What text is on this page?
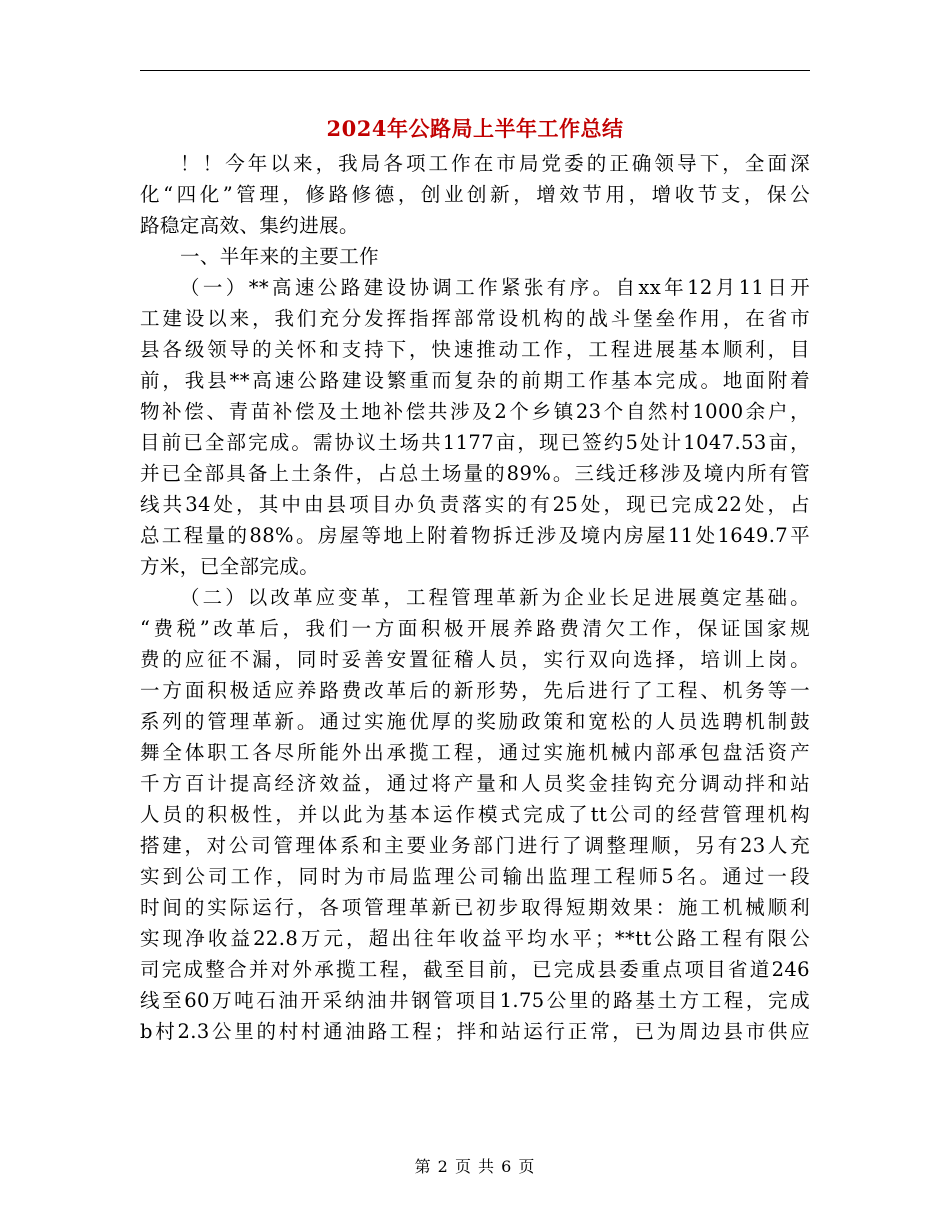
2024年公路局上半年工作总结
！！今年以来，我局各项工作在市局党委的正确领导下，全面深
化“四化”管理，修路修德，创业创新，增效节用，增收节支，保公
路稳定高效、集约进展。
一、半年来的主要工作
（一）**高速公路建设协调工作紧张有序。自xx年12月11日开
工建设以来，我们充分发挥指挥部常设机构的战斗堡垒作用，在省市
县各级领导的关怀和支持下，快速推动工作，工程进展基本顺利，目
前，我县**高速公路建设繁重而复杂的前期工作基本完成。地面附着
物补偿、青苗补偿及土地补偿共涉及2个乡镇23个自然村1000余户，
目前已全部完成。需协议土场共1177亩，现已签约5处计1047.53亩，
并已全部具备上土条件，占总土场量的89%。三线迁移涉及境内所有管
线共34处，其中由县项目办负责落实的有25处，现已完成22处，占
总工程量的88%。房屋等地上附着物拆迁涉及境内房屋11处1649.7平
方米，已全部完成。
（二）以改革应变革，工程管理革新为企业长足进展奠定基础。
“费税”改革后，我们一方面积极开展养路费清欠工作，保证国家规
费的应征不漏，同时妥善安置征稽人员，实行双向选择，培训上岗。
一方面积极适应养路费改革后的新形势，先后进行了工程、机务等一
系列的管理革新。通过实施优厚的奖励政策和宽松的人员选聘机制鼓
舞全体职工各尽所能外出承揽工程，通过实施机械内部承包盘活资产
千方百计提高经济效益，通过将产量和人员奖金挂钩充分调动拌和站
人员的积极性，并以此为基本运作模式完成了tt公司的经营管理机构
搭建，对公司管理体系和主要业务部门进行了调整理顺，另有23人充
实到公司工作，同时为市局监理公司输出监理工程师5名。通过一段
时间的实际运行，各项管理革新已初步取得短期效果：施工机械顺利
实现净收益22.8万元，超出往年收益平均水平；**tt公路工程有限公
司完成整合并对外承揽工程，截至目前，已完成县委重点项目省道246
线至60万吨石油开采纳油井钢管项目1.75公里的路基土方工程，完成
b村2.3公里的村村通油路工程；拌和站运行正常，已为周边县市供应
第 2 页 共 6 页
